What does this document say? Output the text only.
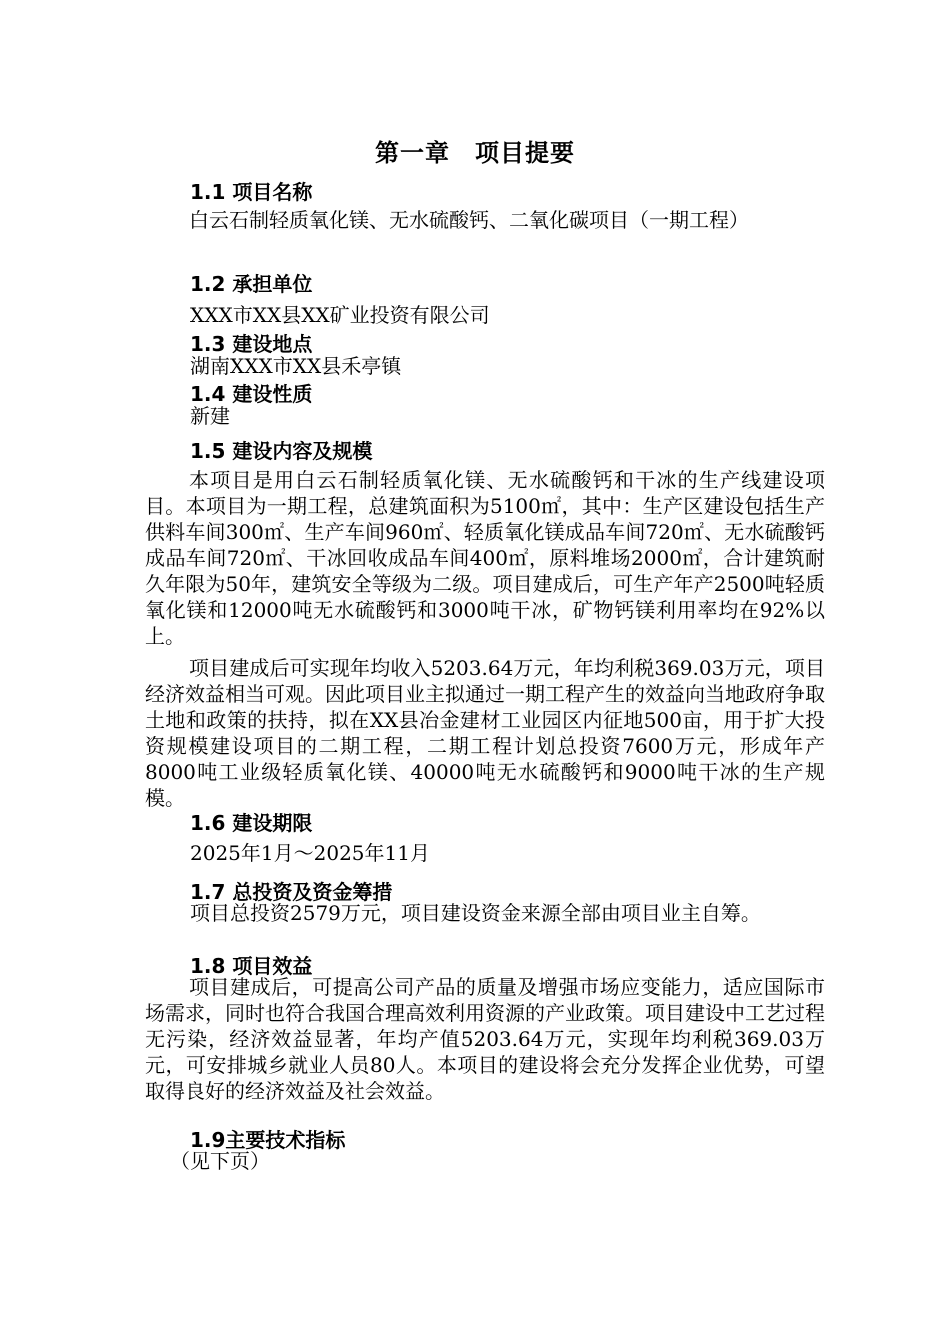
第一章　项目提要
1.1 项目名称
白云石制轻质氧化镁、无水硫酸钙、二氧化碳项目（一期工程）
1.2 承担单位
XXX市XX县XX矿业投资有限公司
1.3 建设地点
湖南XXX市XX县禾亭镇
1.4 建设性质
新建
1.5 建设内容及规模
本项目是用白云石制轻质氧化镁、无水硫酸钙和干冰的生产线建设项目。本项目为一期工程，总建筑面积为5100㎡，其中：生产区建设包括生产供料车间300㎡、生产车间960㎡、轻质氧化镁成品车间720㎡、无水硫酸钙成品车间720㎡、干冰回收成品车间400㎡，原料堆场2000㎡，合计建筑耐久年限为50年，建筑安全等级为二级。项目建成后，可生产年产2500吨轻质氧化镁和12000吨无水硫酸钙和3000吨干冰，矿物钙镁利用率均在92%以上。
项目建成后可实现年均收入5203.64万元，年均利税369.03万元，项目经济效益相当可观。因此项目业主拟通过一期工程产生的效益向当地政府争取土地和政策的扶持，拟在XX县冶金建材工业园区内征地500亩，用于扩大投资规模建设项目的二期工程，二期工程计划总投资7600万元，形成年产8000吨工业级轻质氧化镁、40000吨无水硫酸钙和9000吨干冰的生产规模。
1.6 建设期限
2025年1月～2025年11月
1.7 总投资及资金筹措
项目总投资2579万元，项目建设资金来源全部由项目业主自筹。
1.8 项目效益
项目建成后，可提高公司产品的质量及增强市场应变能力，适应国际市场需求，同时也符合我国合理高效利用资源的产业政策。项目建设中工艺过程无污染，经济效益显著，年均产值5203.64万元，实现年均利税369.03万元，可安排城乡就业人员80人。本项目的建设将会充分发挥企业优势，可望取得良好的经济效益及社会效益。
1.9主要技术指标
（见下页）
